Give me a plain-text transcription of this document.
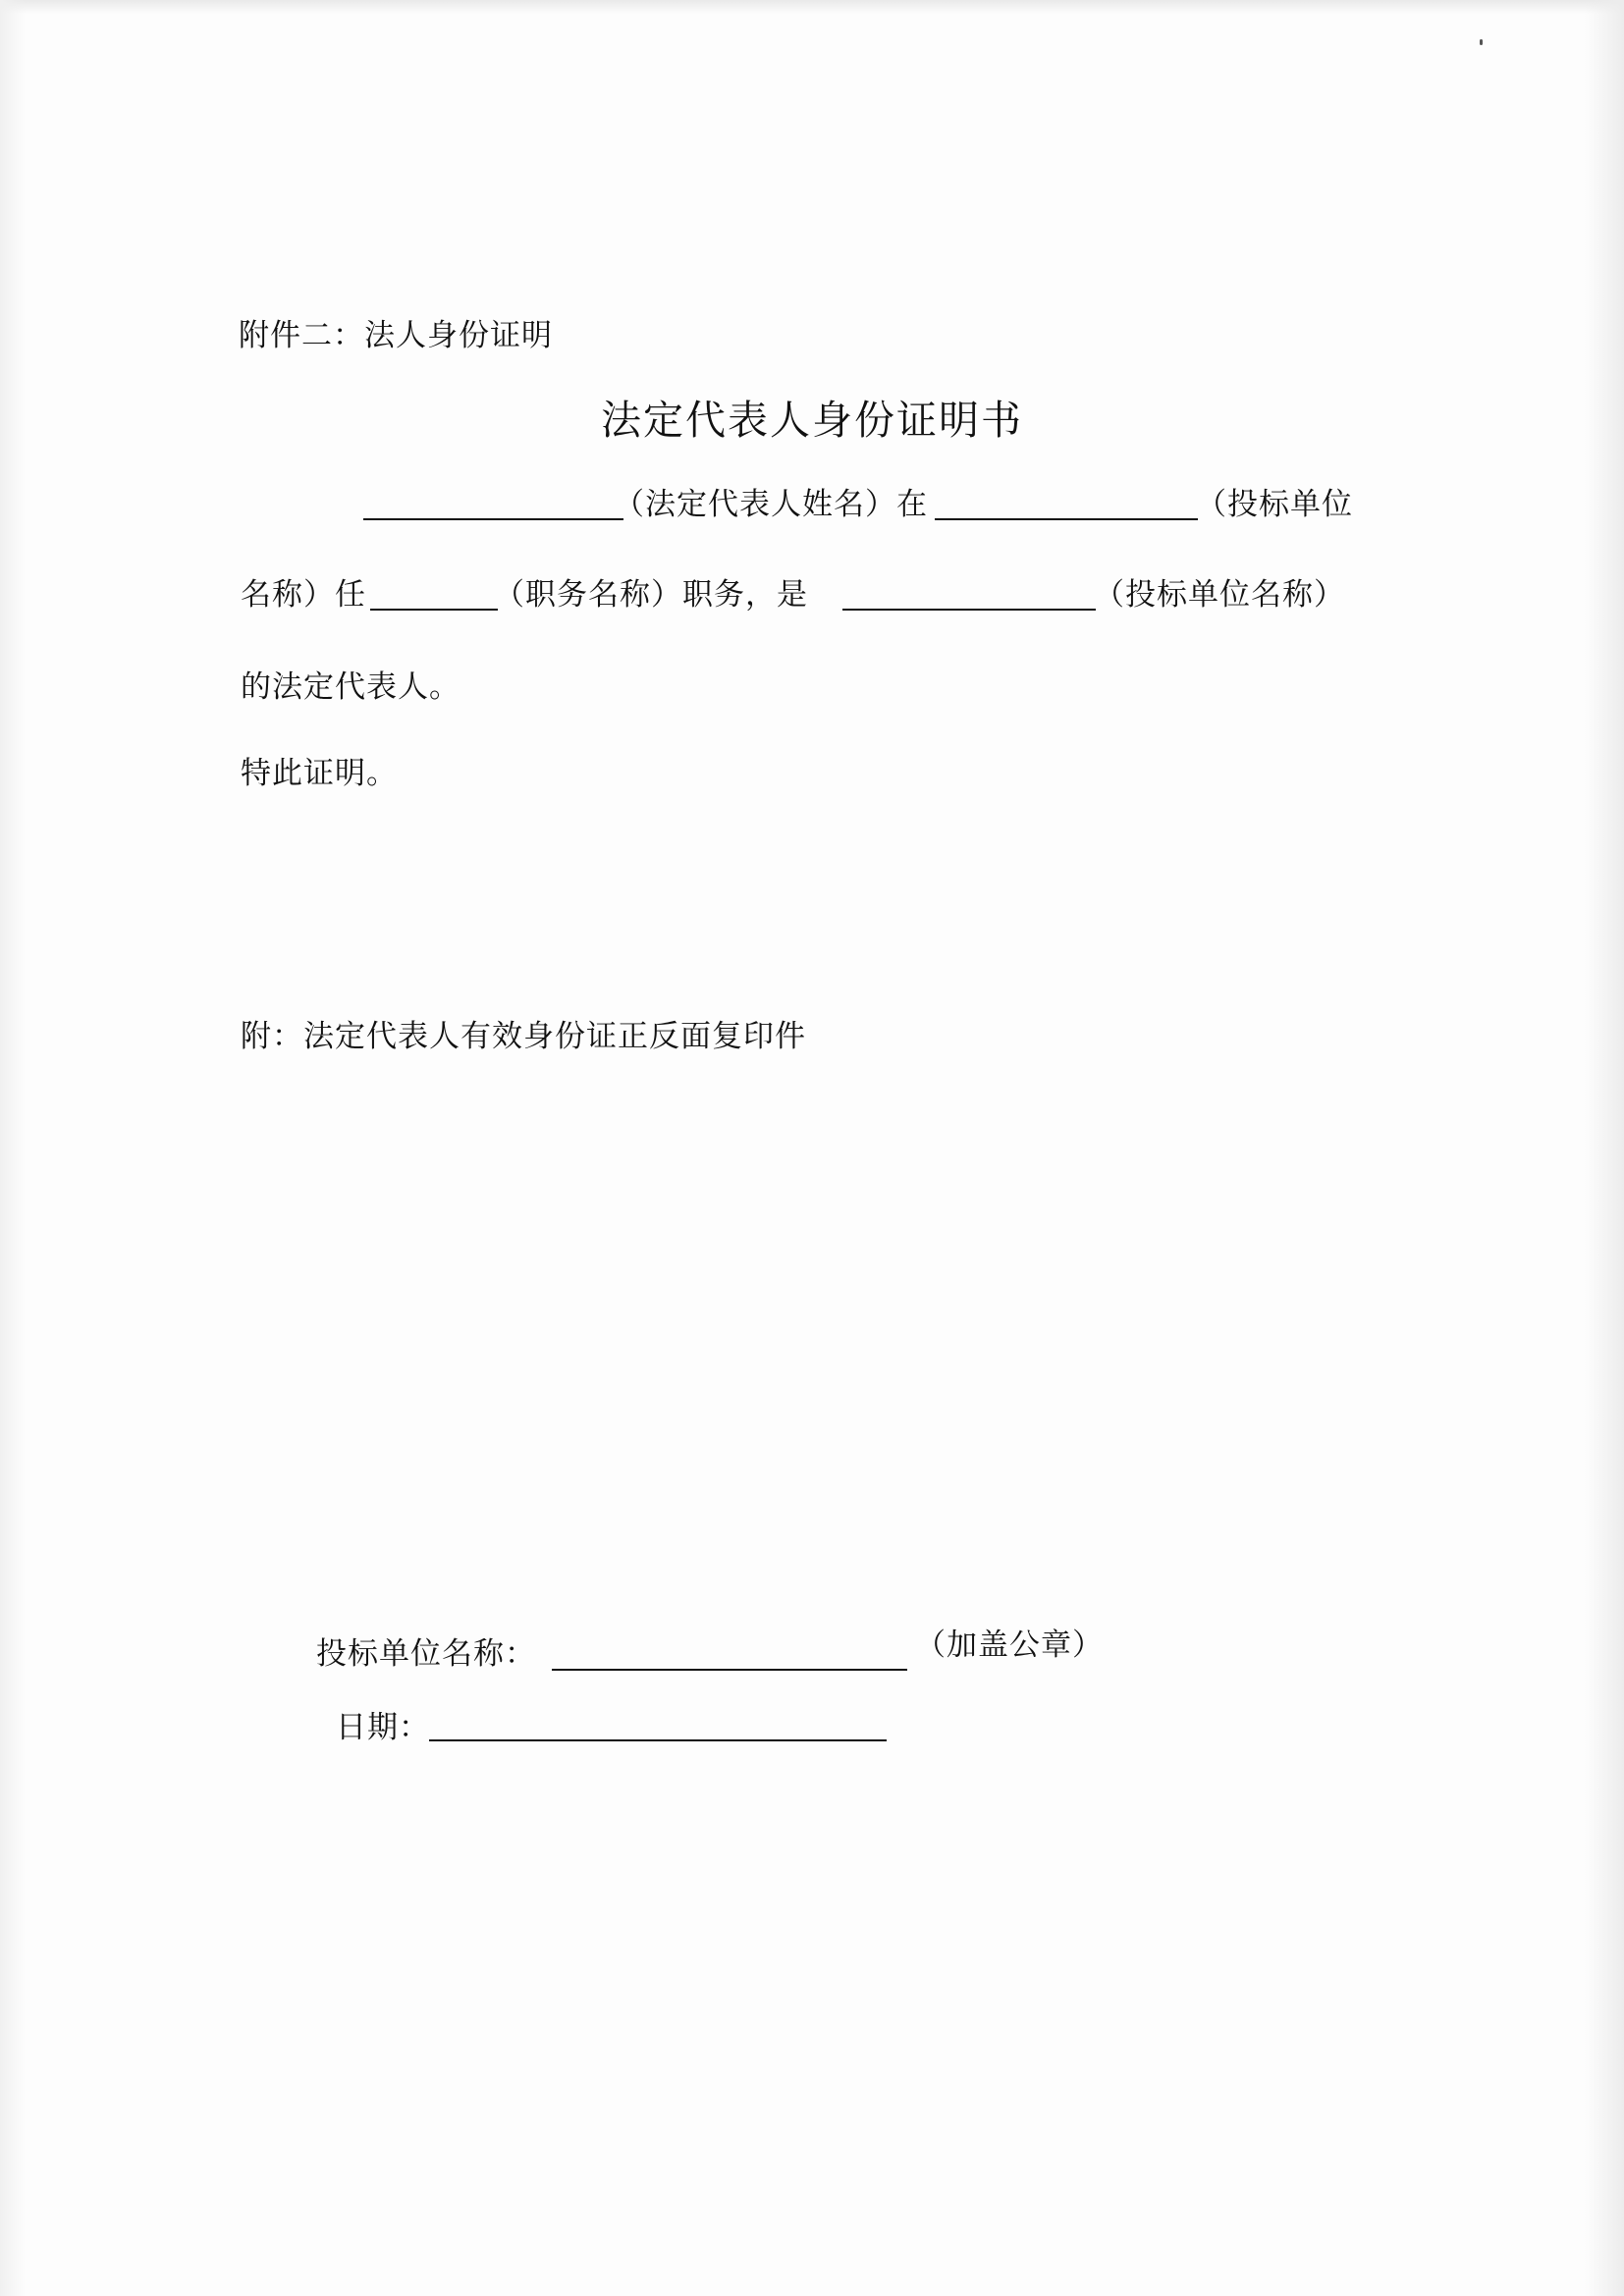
附件二：法人身份证明
法定代表人身份证明书
（法定代表人姓名）在	（投标单位
名称）任	（职务名称）职务，是	（投标单位名称）
的法定代表人。
特此证明。
附：法定代表人有效身份证正反面复印件
投标单位名称：	（加盖公章）
日期：
